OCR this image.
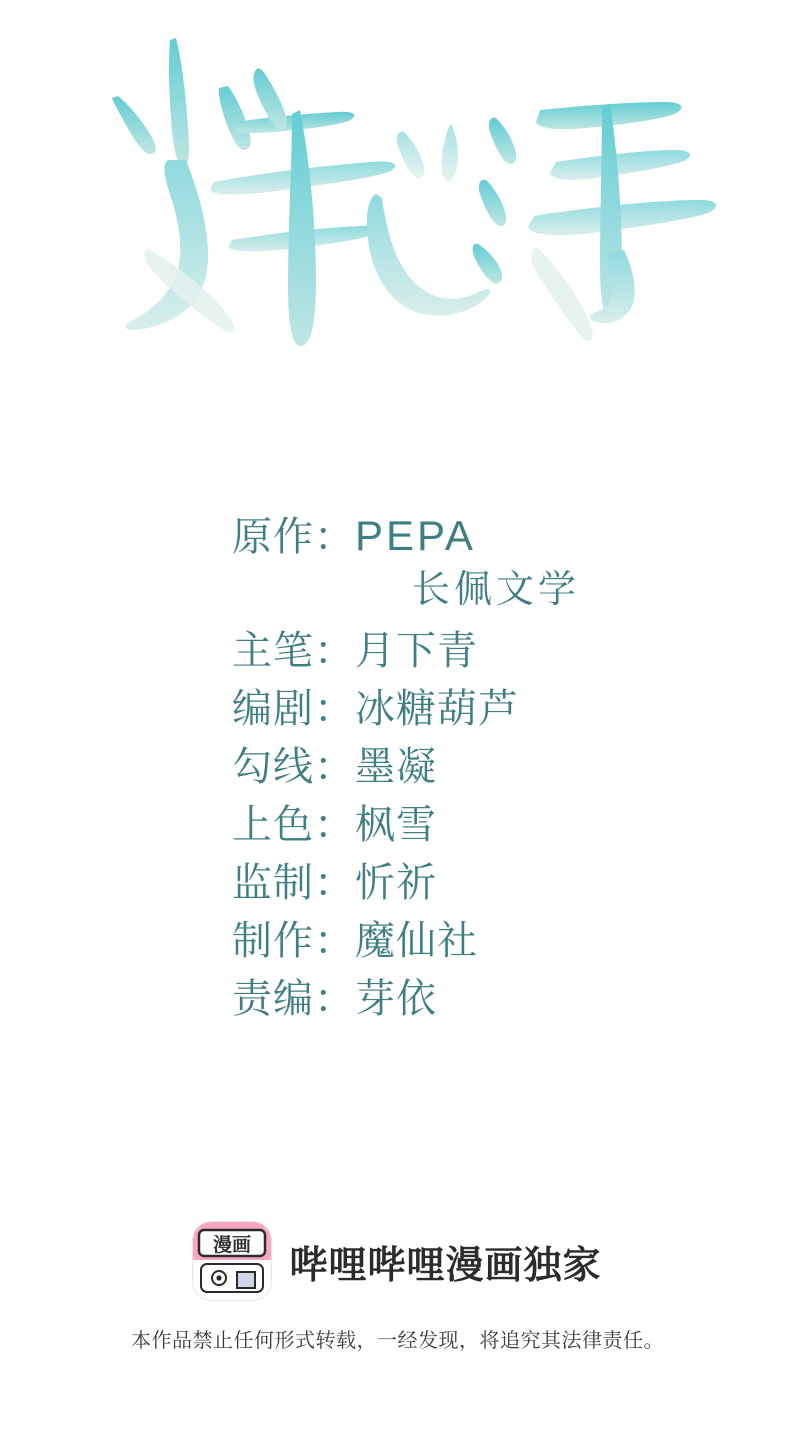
原作： PEPA
长佩文学
主笔： 月下青
编剧： 冰糖葫芦
勾线： 墨凝
上色： 枫雪
监制： 忻祈
制作： 魔仙社
责编： 芽依
漫画 哔哩哔哩漫画独家
本作品禁止任何形式转载，一经发现，将追究其法律责任。
